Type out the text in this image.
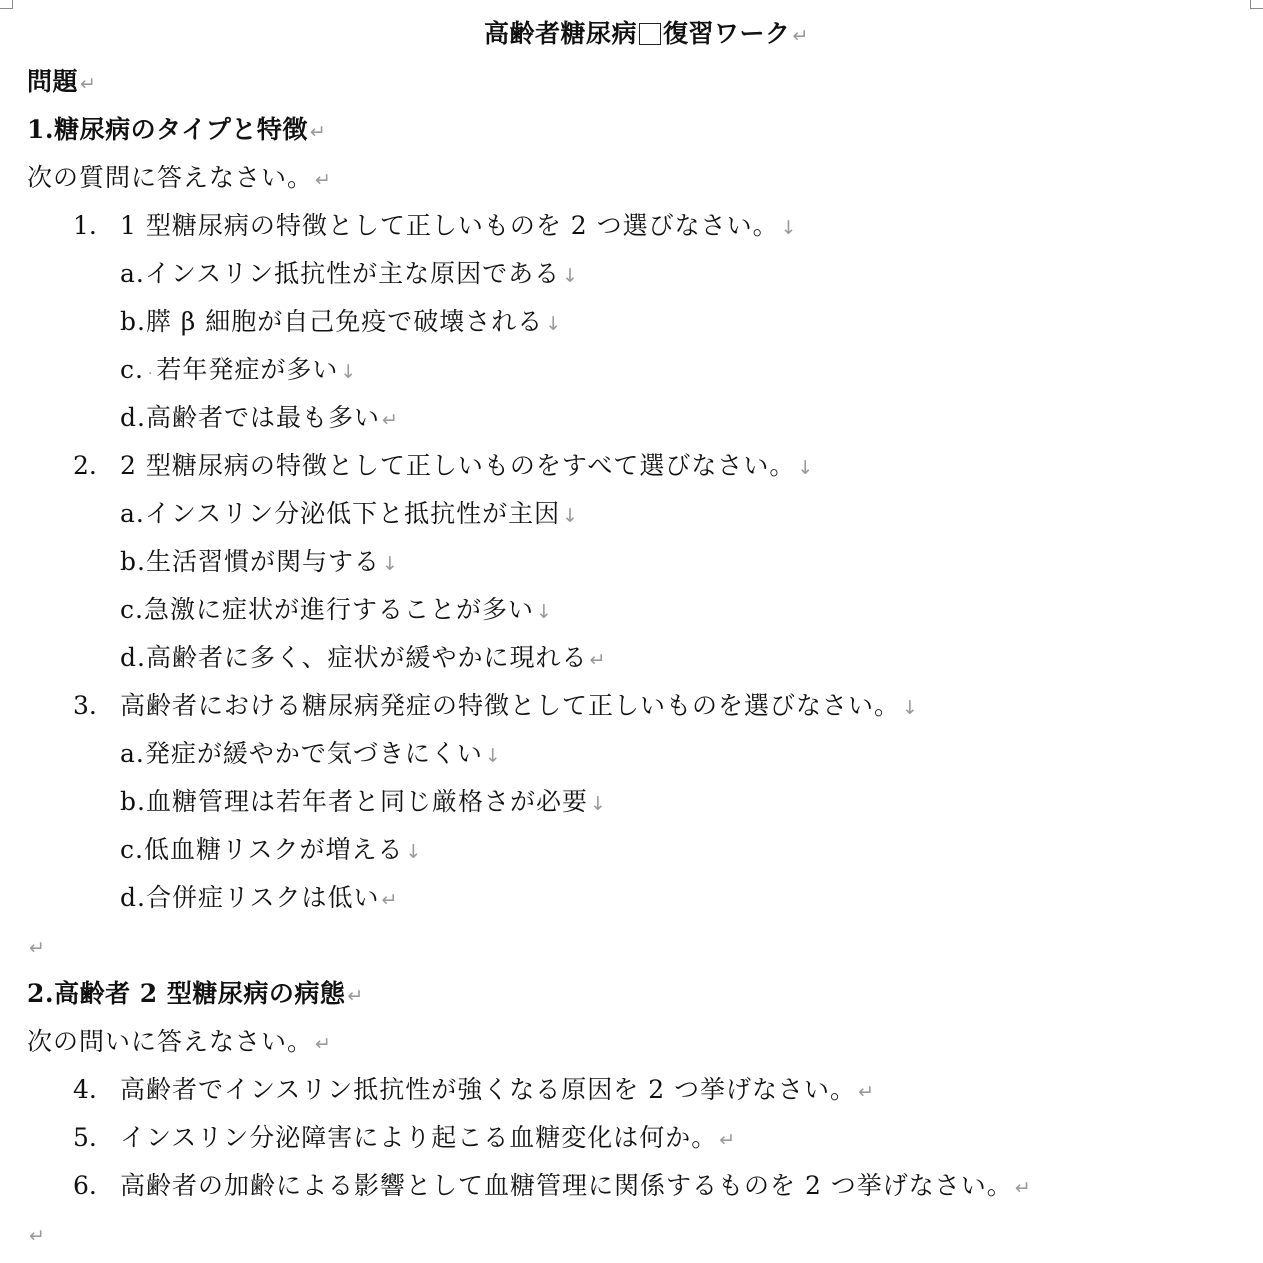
高齢者糖尿病 復習ワーク ↵
問題 ↵
1.糖尿病のタイプと特徴 ↵
次の質問に答えなさい。 ↵
1. 1 型糖尿病の特徴として正しいものを 2 つ選びなさい。 ↓
a.インスリン抵抗性が主な原因である ↓
b.膵 β 細胞が自己免疫で破壊される ↓
c. · 若年発症が多い ↓
d.高齢者では最も多い ↵
2. 2 型糖尿病の特徴として正しいものをすべて選びなさい。 ↓
a.インスリン分泌低下と抵抗性が主因 ↓
b.生活習慣が関与する ↓
c.急激に症状が進行することが多い ↓
d.高齢者に多く、症状が緩やかに現れる ↵
3. 高齢者における糖尿病発症の特徴として正しいものを選びなさい。 ↓
a.発症が緩やかで気づきにくい ↓
b.血糖管理は若年者と同じ厳格さが必要 ↓
c.低血糖リスクが増える ↓
d.合併症リスクは低い ↵
↵
2.高齢者 2 型糖尿病の病態 ↵
次の問いに答えなさい。 ↵
4. 高齢者でインスリン抵抗性が強くなる原因を 2 つ挙げなさい。 ↵
5. インスリン分泌障害により起こる血糖変化は何か。 ↵
6. 高齢者の加齢による影響として血糖管理に関係するものを 2 つ挙げなさい。 ↵
↵
